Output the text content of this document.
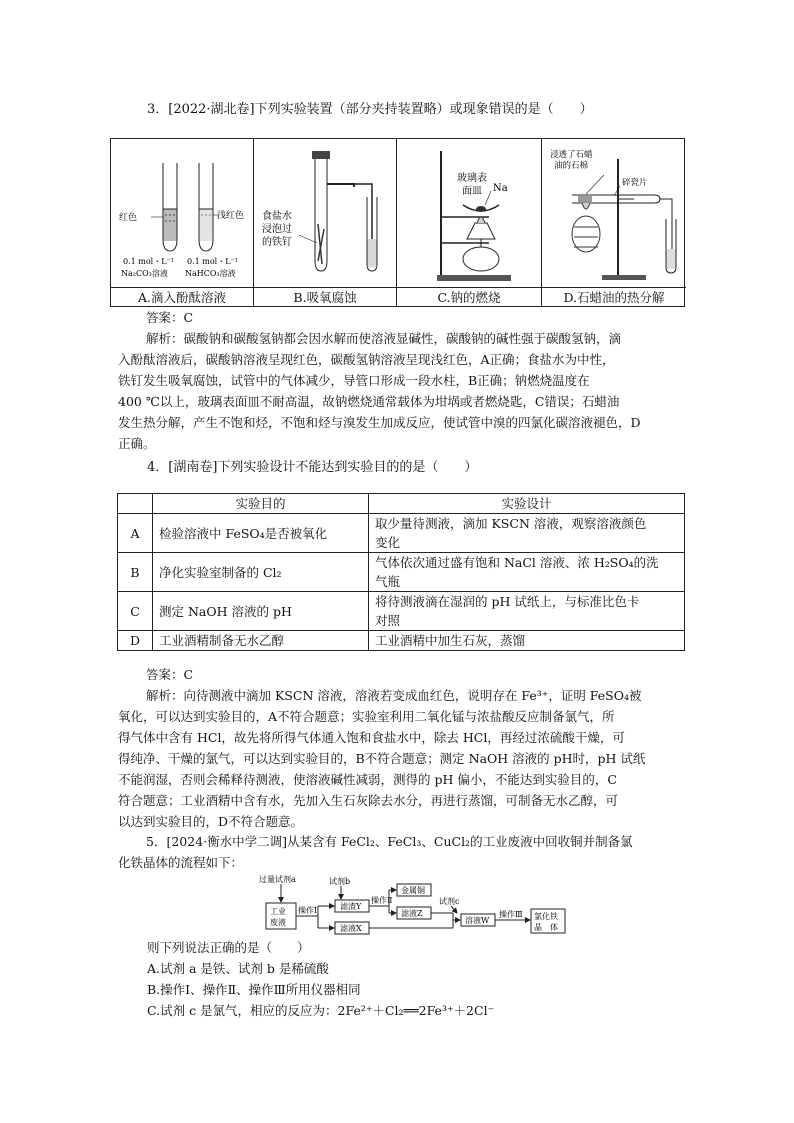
3．[2022·湖北卷]下列实验装置（部分夹持装置略）或现象错误的是（　　）
红色	浅红色
0.1 mol・L⁻¹
Na₂CO₃溶液
0.1 mol・L⁻¹
NaHCO₃溶液
食盐水
浸泡过
的铁钉
玻璃表
面皿 Na
浸透了石蜡
油的石棉
碎瓷片
A.滴入酚酞溶液	B.吸氧腐蚀	C.钠的燃烧	D.石蜡油的热分解
答案：C
解析：碳酸钠和碳酸氢钠都会因水解而使溶液显碱性，碳酸钠的碱性强于碳酸氢钠，滴
入酚酞溶液后，碳酸钠溶液呈现红色，碳酸氢钠溶液呈现浅红色，A正确；食盐水为中性，
铁钉发生吸氧腐蚀，试管中的气体减少，导管口形成一段水柱，B正确；钠燃烧温度在
400 ℃以上，玻璃表面皿不耐高温，故钠燃烧通常载体为坩埚或者燃烧匙，C错误；石蜡油
发生热分解，产生不饱和烃，不饱和烃与溴发生加成反应，使试管中溴的四氯化碳溶液褪色，D
正确。
4．[湖南卷]下列实验设计不能达到实验目的的是（　　）
	实验目的	实验设计
A	检验溶液中 FeSO₄是否被氧化	取少量待测液，滴加 KSCN 溶液，观察溶液颜色
变化

B	净化实验室制备的 Cl₂	气体依次通过盛有饱和 NaCl 溶液、浓 H₂SO₄的洗
气瓶

C	测定 NaOH 溶液的 pH	将待测液滴在湿润的 pH 试纸上，与标准比色卡
对照

D	工业酒精制备无水乙醇	工业酒精中加生石灰，蒸馏
答案：C
解析：向待测液中滴加 KSCN 溶液，溶液若变成血红色，说明存在 Fe³⁺，证明 FeSO₄被
氧化，可以达到实验目的，A不符合题意；实验室利用二氧化锰与浓盐酸反应制备氯气，所
得气体中含有 HCl，故先将所得气体通入饱和食盐水中，除去 HCl，再经过浓硫酸干燥，可
得纯净、干燥的氯气，可以达到实验目的，B不符合题意；测定 NaOH 溶液的 pH时，pH 试纸
不能润湿，否则会稀释待测液，使溶液碱性减弱，测得的 pH 偏小，不能达到实验目的，C
符合题意；工业酒精中含有水，先加入生石灰除去水分，再进行蒸馏，可制备无水乙醇，可
以达到实验目的，D不符合题意。
5．[2024·衡水中学二调]从某含有 FeCl₂、FeCl₃、CuCl₂的工业废液中回收铜并制备氯
化铁晶体的流程如下：
过量试剂a
工业
废液
操作Ⅰ
试剂b
滤渣Y
滤液X
操作Ⅱ
金属铜
滤液Z
试剂c
溶液W
操作Ⅲ 氯化铁
晶　体
则下列说法正确的是（　　）
A.试剂 a 是铁、试剂 b 是稀硫酸
B.操作Ⅰ、操作Ⅱ、操作Ⅲ所用仪器相同
C.试剂 c 是氯气，相应的反应为：2Fe²⁺＋Cl₂══2Fe³⁺＋2Cl⁻
